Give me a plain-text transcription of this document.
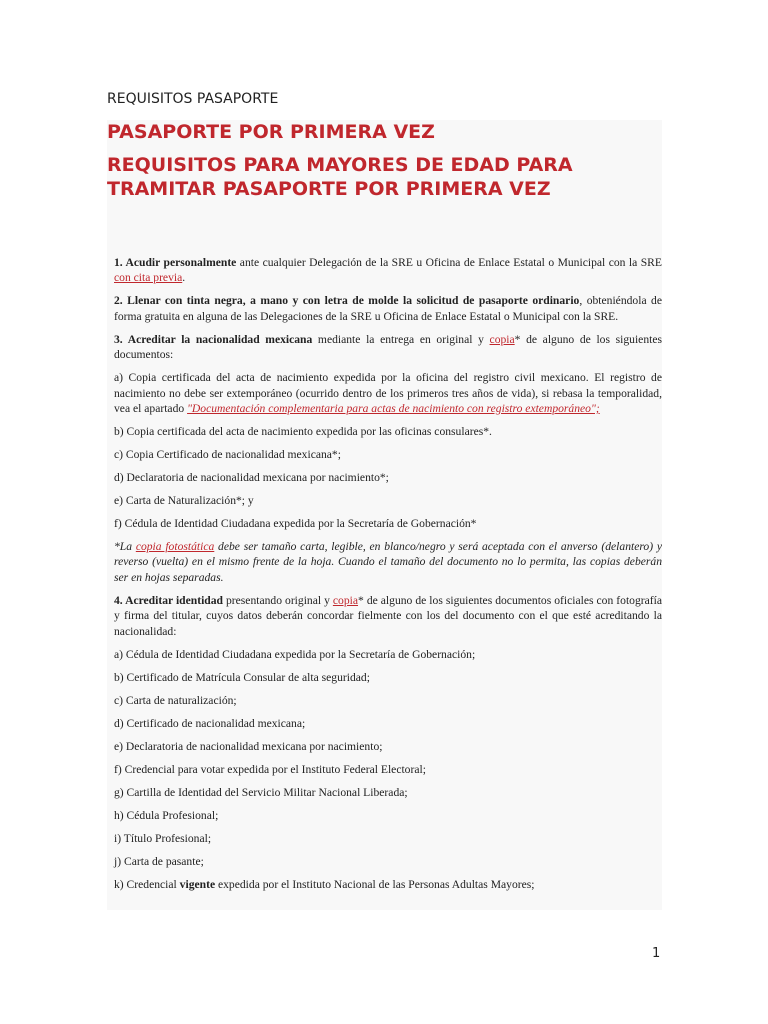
REQUISITOS PASAPORTE
PASAPORTE POR PRIMERA VEZ
REQUISITOS PARA MAYORES DE EDAD PARA TRAMITAR PASAPORTE POR PRIMERA VEZ

1. Acudir personalmente ante cualquier Delegación de la SRE u Oficina de Enlace Estatal o Municipal con la SRE con cita previa.

2. Llenar con tinta negra, a mano y con letra de molde la solicitud de pasaporte ordinario, obteniéndola de forma gratuita en alguna de las Delegaciones de la SRE u Oficina de Enlace Estatal o Municipal con la SRE.

3. Acreditar la nacionalidad mexicana mediante la entrega en original y copia* de alguno de los siguientes documentos:

a) Copia certificada del acta de nacimiento expedida por la oficina del registro civil mexicano. El registro de nacimiento no debe ser extemporáneo (ocurrido dentro de los primeros tres años de vida), si rebasa la temporalidad, vea el apartado "Documentación complementaria para actas de nacimiento con registro extemporáneo";

b) Copia certificada del acta de nacimiento expedida por las oficinas consulares*.

c) Copia Certificado de nacionalidad mexicana*;

d) Declaratoria de nacionalidad mexicana por nacimiento*;

e) Carta de Naturalización*; y

f) Cédula de Identidad Ciudadana expedida por la Secretaría de Gobernación*

*La copia fotostática debe ser tamaño carta, legible, en blanco/negro y será aceptada con el anverso (delantero) y reverso (vuelta) en el mismo frente de la hoja. Cuando el tamaño del documento no lo permita, las copias deberán ser en hojas separadas.

4. Acreditar identidad presentando original y copia* de alguno de los siguientes documentos oficiales con fotografía y firma del titular, cuyos datos deberán concordar fielmente con los del documento con el que esté acreditando la nacionalidad:

a) Cédula de Identidad Ciudadana expedida por la Secretaría de Gobernación;

b) Certificado de Matrícula Consular de alta seguridad;

c) Carta de naturalización;

d) Certificado de nacionalidad mexicana;

e) Declaratoria de nacionalidad mexicana por nacimiento;

f) Credencial para votar expedida por el Instituto Federal Electoral;

g) Cartilla de Identidad del Servicio Militar Nacional Liberada;

h) Cédula Profesional;

i) Título Profesional;

j) Carta de pasante;

k) Credencial vigente expedida por el Instituto Nacional de las Personas Adultas Mayores;

1
